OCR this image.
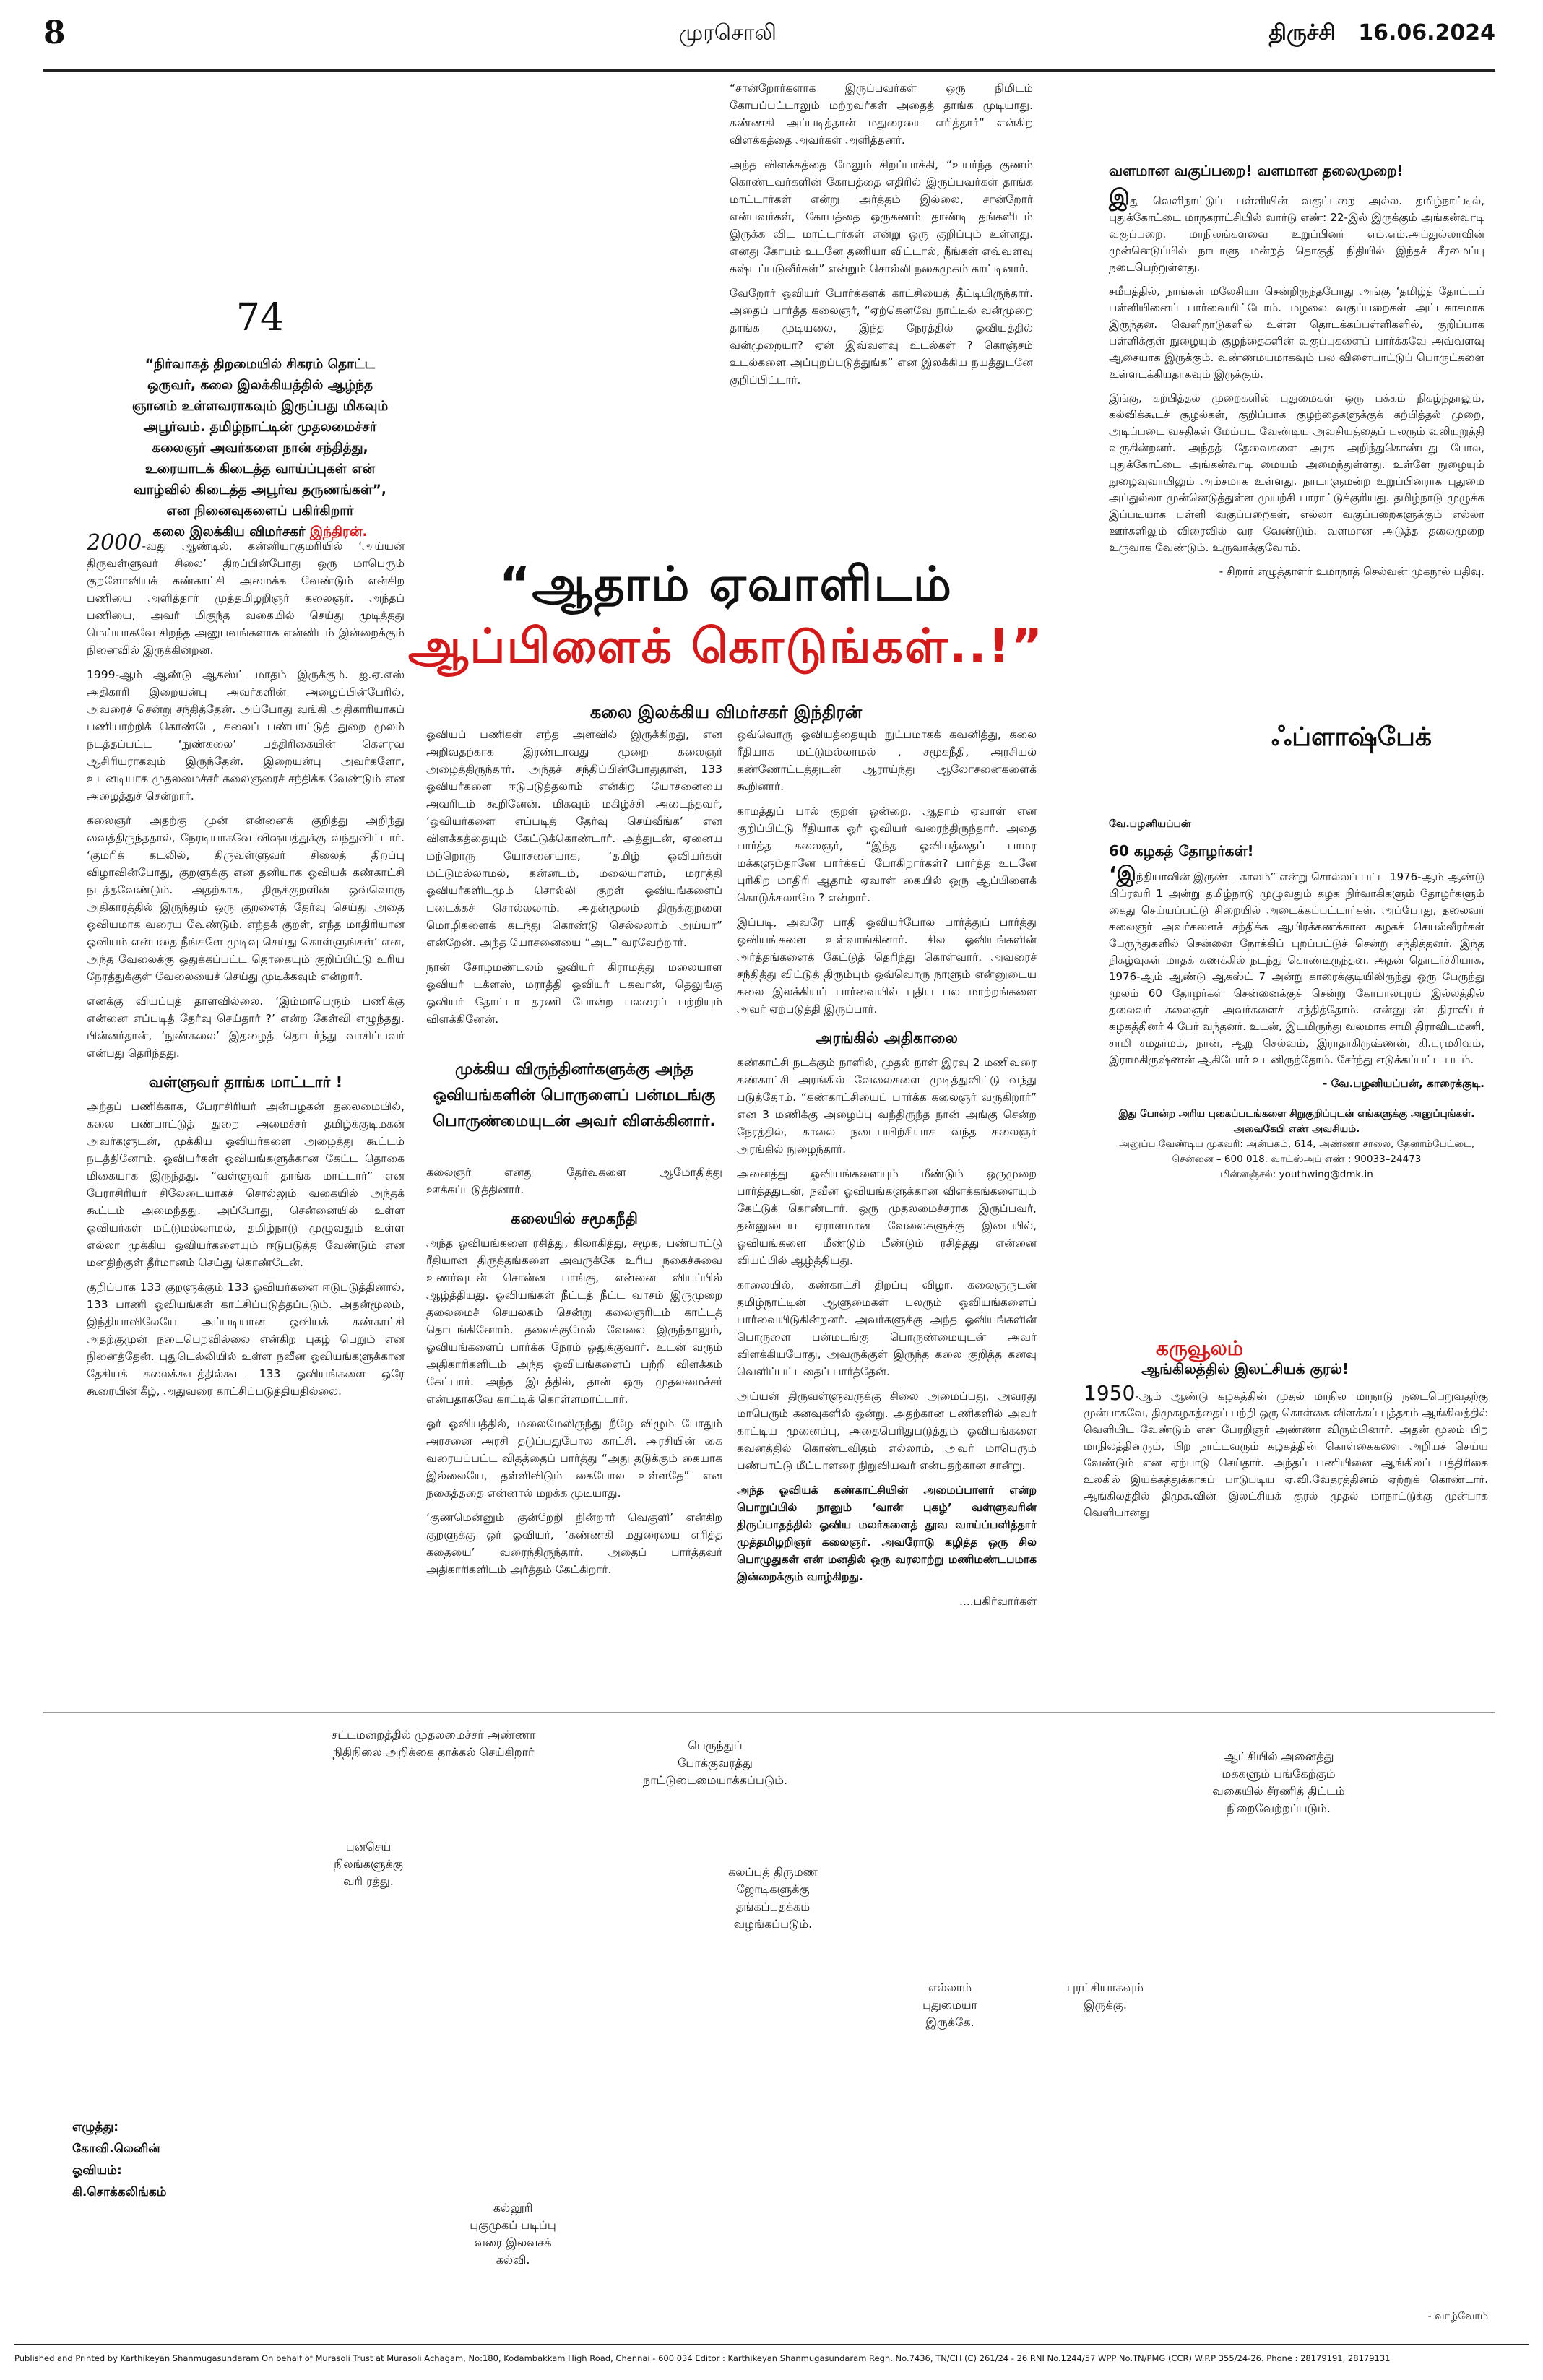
8	முரசொலி	திருச்சி 16.06.2024
74
“நிர்வாகத் திறமையில் சிகரம் தொட்ட
ஒருவர், கலை இலக்கியத்தில் ஆழ்ந்த
ஞானம் உள்ளவராகவும் இருப்பது மிகவும்
அபூர்வம். தமிழ்நாட்டின் முதலமைச்சர்
கலைஞர் அவர்களை நான் சந்தித்து,
உரையாடக் கிடைத்த வாய்ப்புகள் என்
வாழ்வில் கிடைத்த அபூர்வ தருணங்கள்”,
என நினைவுகளைப் பகிர்கிறார்
கலை இலக்கிய விமர்சகர் இந்திரன்.

2000-வது ஆண்டில், கன்னியாகுமரியில் ‘அய்யன் திருவள்ளுவர் சிலை’ திறப்பின்போது ஒரு மாபெரும் குறளோவியக் கண்காட்சி அமைக்க வேண்டும் என்கிற பணியை அளித்தார் முத்தமிழறிஞர் கலைஞர். அந்தப் பணியை, அவர் மிகுந்த வகையில் செய்து முடித்தது மெய்யாகவே சிறந்த அனுபவங்களாக என்னிடம் இன்றைக்கும் நினைவில் இருக்கின்றன.

1999-ஆம் ஆண்டு ஆகஸ்ட் மாதம் இருக்கும். ஐ.ஏ.எஸ் அதிகாரி இறையன்பு அவர்களின் அழைப்பின்பேரில், அவரைச் சென்று சந்தித்தேன். அப்போது வங்கி அதிகாரியாகப் பணியாற்றிக் கொண்டே, கலைப் பண்பாட்டுத் துறை மூலம் நடத்தப்பட்ட ‘நுண்கலை’ பத்திரிகையின் கௌரவ ஆசிரியராகவும் இருந்தேன். இறையன்பு அவர்களோ, உடனடியாக முதலமைச்சர் கலைஞரைச் சந்திக்க வேண்டும் என அழைத்துச் சென்றார்.

கலைஞர் அதற்கு முன் என்னைக் குறித்து அறிந்து வைத்திருந்ததால், நேரடியாகவே விஷயத்துக்கு வந்துவிட்டார். ‘குமரிக் கடலில், திருவள்ளுவர் சிலைத் திறப்பு விழாவின்போது, குறளுக்கு என தனியாக ஓவியக் கண்காட்சி நடத்தவேண்டும். அதற்காக, திருக்குறளின் ஒவ்வொரு அதிகாரத்தில் இருந்தும் ஒரு குறளைத் தேர்வு செய்து அதை ஓவியமாக வரைய வேண்டும். எந்தக் குறள், எந்த மாதிரியான ஓவியம் என்பதை நீங்களே முடிவு செய்து கொள்ளுங்கள்’ என, அந்த வேலைக்கு ஒதுக்கப்பட்ட தொகையும் குறிப்பிட்டு உரிய நேரத்துக்குள் வேலையைச் செய்து முடிக்கவும் என்றார்.

எனக்கு வியப்புத் தாளவில்லை. ‘இம்மாபெரும் பணிக்கு என்னை எப்படித் தேர்வு செய்தார் ?’ என்ற கேள்வி எழுந்தது. பின்னர்தான், ‘நுண்கலை’ இதழைத் தொடர்ந்து வாசிப்பவர் என்பது தெரிந்தது.

வள்ளுவர் தாங்க மாட்டார் !

அந்தப் பணிக்காக, பேராசிரியர் அன்பழகன் தலைமையில், கலை பண்பாட்டுத் துறை அமைச்சர் தமிழ்க்குடிமகன் அவர்களுடன், முக்கிய ஓவியர்களை அழைத்து கூட்டம் நடத்தினோம். ஓவியர்கள் ஓவியங்களுக்கான கேட்ட தொகை மிகையாக இருந்தது. “வள்ளுவர் தாங்க மாட்டார்” என பேராசிரியர் சிலேடையாகச் சொல்லும் வகையில் அந்தக் கூட்டம் அமைந்தது. அப்போது, சென்னையில் உள்ள ஓவியர்கள் மட்டுமல்லாமல், தமிழ்நாடு முழுவதும் உள்ள எல்லா முக்கிய ஓவியர்களையும் ஈடுபடுத்த வேண்டும் என மனதிற்குள் தீர்மானம் செய்து கொண்டேன்.

குறிப்பாக 133 குறளுக்கும் 133 ஓவியர்களை ஈடுபடுத்தினால், 133 பாணி ஓவியங்கள் காட்சிப்படுத்தப்படும். அதன்மூலம், இந்தியாவிலேயே அப்படியான ஓவியக் கண்காட்சி அதற்குமுன் நடைபெறவில்லை என்கிற புகழ் பெறும் என நினைத்தேன். புதுடெல்லியில் உள்ள நவீன ஓவியங்களுக்கான தேசியக் கலைக்கூடத்தில்கூட 133 ஓவியங்களை ஒரே கூரையின் கீழ், அதுவரை காட்சிப்படுத்தியதில்லை.

“சான்றோர்களாக இருப்பவர்கள் ஒரு நிமிடம் கோபப்பட்டாலும் மற்றவர்கள் அதைத் தாங்க முடியாது. கண்ணகி அப்படித்தான் மதுரையை எரித்தார்” என்கிற விளக்கத்தை அவர்கள் அளித்தனர்.

அந்த விளக்கத்தை மேலும் சிறப்பாக்கி, “உயர்ந்த குணம் கொண்டவர்களின் கோபத்தை எதிரில் இருப்பவர்கள் தாங்க மாட்டார்கள் என்று அர்த்தம் இல்லை, சான்றோர் என்பவர்கள், கோபத்தை ஒருகணம் தாண்டி தங்களிடம் இருக்க விட மாட்டார்கள் என்று ஒரு குறிப்பும் உள்ளது. எனது கோபம் உடனே தணியா விட்டால், நீங்கள் எவ்வளவு கஷ்டப்படுவீர்கள்” என்றும் சொல்லி நகைமுகம் காட்டினார்.

வேறோர் ஓவியர் போர்க்களக் காட்சியைத் தீட்டியிருந்தார். அதைப் பார்த்த கலைஞர், “ஏற்கெனவே நாட்டில் வன்முறை தாங்க முடியலை, இந்த நேரத்தில் ஓவியத்தில் வன்முறையா? ஏன் இவ்வளவு உடல்கள் ? கொஞ்சம் உடல்களை அப்புறப்படுத்துங்க” என இலக்கிய நயத்துடனே குறிப்பிட்டார்.

“ஆதாம் ஏவாளிடம்
ஆப்பிளைக் கொடுங்கள்..!”
கலை இலக்கிய விமர்சகர் இந்திரன்

ஓவியப் பணிகள் எந்த அளவில் இருக்கிறது, என அறிவதற்காக இரண்டாவது முறை கலைஞர் அழைத்திருந்தார். அந்தச் சந்திப்பின்போதுதான், 133 ஓவியர்களை ஈடுபடுத்தலாம் என்கிற யோசனையை அவரிடம் கூறினேன். மிகவும் மகிழ்ச்சி அடைந்தவர், ‘ஓவியர்களை எப்படித் தேர்வு செய்வீங்க’ என விளக்கத்தையும் கேட்டுக்கொண்டார். அத்துடன், ஏனைய மற்றொரு யோசனையாக, ‘தமிழ் ஓவியர்கள் மட்டுமல்லாமல், கன்னடம், மலையாளம், மராத்தி ஓவியர்களிடமும் சொல்லி குறள் ஓவியங்களைப் படைக்கச் சொல்லலாம். அதன்மூலம் திருக்குறளை மொழிகளைக் கடந்து கொண்டு செல்லலாம் அய்யா” என்றேன். அந்த யோசனையை “அட” வரவேற்றார்.

நான் சோழமண்டலம் ஓவியர் கிராமத்து மலையாள ஓவியர் டக்ளஸ், மராத்தி ஓவியர் பகவான், தெலுங்கு ஓவியர் தோட்டா தரணி போன்ற பலரைப் பற்றியும் விளக்கினேன்.

முக்கிய விருந்தினர்களுக்கு அந்த ஓவியங்களின் பொருளைப் பன்மடங்கு பொருண்மையுடன் அவர் விளக்கினார்.

கலைஞர் எனது தேர்வுகளை ஆமோதித்து ஊக்கப்படுத்தினார்.

கலையில் சமூகநீதி

அந்த ஓவியங்களை ரசித்து, கிலாகித்து, சமூக, பண்பாட்டு ரீதியான திருத்தங்களை அவருக்கே உரிய நகைச்சுவை உணர்வுடன் சொன்ன பாங்கு, என்னை வியப்பில் ஆழ்த்தியது. ஓவியங்கள் நீட்டத் நீட்ட வாசம் இருமுறை தலைமைச் செயலகம் சென்று கலைஞரிடம் காட்டத் தொடங்கினோம். தலைக்குமேல் வேலை இருந்தாலும், ஓவியங்களைப் பார்க்க நேரம் ஒதுக்குவார். உடன் வரும் அதிகாரிகளிடம் அந்த ஓவியங்களைப் பற்றி விளக்கம் கேட்பார். அந்த இடத்தில், தான் ஒரு முதலமைச்சர் என்பதாகவே காட்டிக் கொள்ளமாட்டார்.

ஓர் ஓவியத்தில், மலைமேலிருந்து நீழே விழும் போதும் அரசனை அரசி தடுப்பதுபோல காட்சி. அரசியின் கை வரையப்பட்ட விதத்தைப் பார்த்து “அது தடுக்கும் கையாக இல்லையே, தள்ளிவிடும் கைபோல உள்ளதே” என நகைத்ததை என்னால் மறக்க முடியாது.

‘குணமென்னும் குன்றேறி நின்றார் வெகுளி’ என்கிற குறளுக்கு ஓர் ஓவியர், ‘கண்ணகி மதுரையை எரித்த கதையை’ வரைந்திருந்தார். அதைப் பார்த்தவர் அதிகாரிகளிடம் அர்த்தம் கேட்கிறார்.

ஒவ்வொரு ஓவியத்தையும் நுட்பமாகக் கவனித்து, கலை ரீதியாக மட்டுமல்லாமல் , சமூகநீதி, அரசியல் கண்ணோட்டத்துடன் ஆராய்ந்து ஆலோசனைகளைக் கூறினார்.

காமத்துப் பால் குறள் ஒன்றை, ஆதாம் ஏவாள் என குறிப்பிட்டு ரீதியாக ஓர் ஓவியர் வரைந்திருந்தார். அதை பார்த்த கலைஞர், “இந்த ஓவியத்தைப் பாமர மக்களும்தானே பார்க்கப் போகிறார்கள்? பார்த்த உடனே புரிகிற மாதிரி ஆதாம் ஏவாள் கையில் ஒரு ஆப்பிளைக் கொடுக்கலாமே ? என்றார்.

இப்படி, அவரே பாதி ஓவியர்போல பார்த்துப் பார்த்து ஓவியங்களை உள்வாங்கினார். சில ஓவியங்களின் அர்த்தங்களைக் கேட்டுத் தெரிந்து கொள்வார். அவரைச் சந்தித்து விட்டுத் திரும்பும் ஒவ்வொரு நாளும் என்னுடைய கலை இலக்கியப் பார்வையில் புதிய பல மாற்றங்களை அவர் ஏற்படுத்தி இருப்பார்.

அரங்கில் அதிகாலை

கண்காட்சி நடக்கும் நாளில், முதல் நாள் இரவு 2 மணிவரை கண்காட்சி அரங்கில் வேலைகளை முடித்துவிட்டு வந்து படுத்தோம். “கண்காட்சியைப் பார்க்க கலைஞர் வருகிறார்” என 3 மணிக்கு அழைப்பு வந்திருந்த நான் அங்கு சென்ற நேரத்தில், காலை நடைபயிற்சியாக வந்த கலைஞர் அரங்கில் நுழைந்தார்.

அனைத்து ஓவியங்களையும் மீண்டும் ஒருமுறை பார்த்ததுடன், நவீன ஓவியங்களுக்கான விளக்கங்களையும் கேட்டுக் கொண்டார். ஒரு முதலமைச்சராக இருப்பவர், தன்னுடைய ஏராளமான வேலைகளுக்கு இடையில், ஓவியங்களை மீண்டும் மீண்டும் ரசித்தது என்னை வியப்பில் ஆழ்த்தியது.

காலையில், கண்காட்சி திறப்பு விழா. கலைஞருடன் தமிழ்நாட்டின் ஆளுமைகள் பலரும் ஓவியங்களைப் பார்வையிடுகின்றனர். அவர்களுக்கு அந்த ஓவியங்களின் பொருளை பன்மடங்கு பொருண்மையுடன் அவர் விளக்கியபோது, அவருக்குள் இருந்த கலை குறித்த கனவு வெளிப்பட்டதைப் பார்த்தேன்.

அய்யன் திருவள்ளுவருக்கு சிலை அமைப்பது, அவரது மாபெரும் கனவுகளில் ஒன்று. அதற்கான பணிகளில் அவர் காட்டிய முனைப்பு, அதைபெரிதுபடுத்தும் ஓவியங்களை கவனத்தில் கொண்டவிதம் எல்லாம், அவர் மாபெரும் பண்பாட்டு மீட்பாளரை நிறுவியவர் என்பதற்கான சான்று.

அந்த ஓவியக் கண்காட்சியின் அமைப்பாளர் என்ற பொறுப்பில் நானும் ‘வான் புகழ்’ வள்ளுவரின் திருப்பாதத்தில் ஓவிய மலர்களைத் தூவ வாய்ப்பளித்தார் முத்தமிழறிஞர் கலைஞர். அவரோடு கழித்த ஒரு சில பொழுதுகள் என் மனதில் ஒரு வரலாற்று மணிமண்டபமாக இன்றைக்கும் வாழ்கிறது.

....பகிர்வார்கள்

வளமான வகுப்பறை! வளமான தலைமுறை!

இது வெளிநாட்டுப் பள்ளியின் வகுப்பறை அல்ல. தமிழ்நாட்டில், புதுக்கோட்டை மாநகராட்சியில் வார்டு எண்: 22-இல் இருக்கும் அங்கன்வாடி வகுப்பறை. மாநிலங்களவை உறுப்பினர் எம்.எம்.அப்துல்லாவின் முன்னெடுப்பில் நாடாளு மன்றத் தொகுதி நிதியில் இந்தச் சீரமைப்பு நடைபெற்றுள்ளது.

சமீபத்தில், நாங்கள் மலேசியா சென்றிருந்தபோது அங்கு ‘தமிழ்த் தோட்டப் பள்ளியினைப் பார்வையிட்டோம். மழலை வகுப்பறைகள் அட்டகாசமாக இருந்தன. வெளிநாடுகளில் உள்ள தொடக்கப்பள்ளிகளில், குறிப்பாக பள்ளிக்குள் நுழையும் குழந்தைகளின் வகுப்புகளைப் பார்க்கவே அவ்வளவு ஆசையாக இருக்கும். வண்ணமயமாகவும் பல விளையாட்டுப் பொருட்களை உள்ளடக்கியதாகவும் இருக்கும்.

இங்கு, கற்பித்தல் முறைகளில் புதுமைகள் ஒரு பக்கம் நிகழ்ந்தாலும், கல்விக்கூடச் சூழல்கள், குறிப்பாக குழந்தைகளுக்குக் கற்பித்தல் முறை, அடிப்படை வசதிகள் மேம்பட வேண்டிய அவசியத்தைப் பலரும் வலியுறுத்தி வருகின்றனர். அந்தத் தேவைகளை அரசு அறிந்துகொண்டது போல, புதுக்கோட்டை அங்கன்வாடி மையம் அமைந்துள்ளது. உள்ளே நுழையும் நுழைவுவாயிலும் அம்சமாக உள்ளது. நாடாளுமன்ற உறுப்பினராக புதுமை அப்துல்லா முன்னெடுத்துள்ள முயற்சி பாராட்டுக்குரியது. தமிழ்நாடு முழுக்க இப்படியாக பள்ளி வகுப்பறைகள், எல்லா வகுப்பறைகளுக்கும் எல்லா ஊர்களிலும் விரைவில் வர வேண்டும். வளமான அடுத்த தலைமுறை உருவாக வேண்டும். உருவாக்குவோம்.

- சிறார் எழுத்தாளர் உமாநாத் செல்வன் முகநூல் பதிவு.

ஃப்ளாஷ்பேக்
வே.பழனியப்பன்
60 கழகத் தோழர்கள்!

‘இந்தியாவின் இருண்ட காலம்” என்று சொல்லப் பட்ட 1976-ஆம் ஆண்டு பிப்ரவரி 1 அன்று தமிழ்நாடு முழுவதும் கழக நிர்வாகிகளும் தோழர்களும் கைது செய்யப்பட்டு சிறையில் அடைக்கப்பட்டார்கள். அப்போது, தலைவர் கலைஞர் அவர்களைச் சந்திக்க ஆயிரக்கணக்கான கழகச் செயல்வீரர்கள் பேருந்துகளில் சென்னை நோக்கிப் புறப்பட்டுச் சென்று சந்தித்தனர். இந்த நிகழ்வுகள் மாதக் கணக்கில் நடந்து கொண்டிருந்தன. அதன் தொடர்ச்சியாக, 1976-ஆம் ஆண்டு ஆகஸ்ட் 7 அன்று காரைக்குடியிலிருந்து ஒரு பேருந்து மூலம் 60 தோழர்கள் சென்னைக்குச் சென்று கோபாலபுரம் இல்லத்தில் தலைவர் கலைஞர் அவர்களைச் சந்தித்தோம். என்னுடன் திராவிடர் கழகத்தினர் 4 பேர் வந்தனர். உடன், இடமிருந்து வலமாக சாமி திராவிடமணி, சாமி சமதர்மம், நான், ஆறு செல்வம், இராதாகிருஷ்ணன், கி.பரமசிவம், இராமகிருஷ்ணன் ஆகியோர் உடனிருந்தோம். சேர்ந்து எடுக்கப்பட்ட படம்.

- வே.பழனியப்பன், காரைக்குடி.

இது போன்ற அரிய புகைப்படங்களை சிறுகுறிப்புடன் எங்களுக்கு அனுப்புங்கள். அவைகேபி எண் அவசியம்.
அனுப்ப வேண்டிய முகவரி: அன்பகம், 614, அண்ணா சாலை, தேனாம்பேட்டை, சென்னை – 600 018. வாட்ஸ்அப் எண் : 90033–24473
மின்னஞ்சல்: youthwing@dmk.in
கருவூலம்
ஆங்கிலத்தில் இலட்சியக் குரல்!

1950-ஆம் ஆண்டு கழகத்தின் முதல் மாநில மாநாடு நடைபெறுவதற்கு முன்பாகவே, திமுகழகத்தைப் பற்றி ஒரு கொள்கை விளக்கப் புத்தகம் ஆங்கிலத்தில் வெளியிட வேண்டும் என பேரறிஞர் அண்ணா விரும்பினார். அதன் மூலம் பிற மாநிலத்தினரும், பிற நாட்டவரும் கழகத்தின் கொள்கைகளை அறியச் செய்ய வேண்டும் என ஏற்பாடு செய்தார். அந்தப் பணியினை ஆங்கிலப் பத்திரிகை உலகில் இயக்கத்துக்காகப் பாடுபடிய ஏ.வி.வேதரத்தினம் ஏற்றுக் கொண்டார். ஆங்கிலத்தில் திமுக.வின் இலட்சியக் குரல் முதல் மாநாட்டுக்கு முன்பாக வெளியானது

சட்டமன்றத்தில் முதலமைச்சர் அண்ணா
நிதிநிலை அறிக்கை தாக்கல் செய்கிறார்	பெருந்துப்
போக்குவரத்து
நாட்டுடைமையாக்கப்படும்.
ஆட்சியில் அனைத்து
மக்களும் பங்கேற்கும்
வகையில் சீரணித் திட்டம்
நிறைவேற்றப்படும்.
புன்செய்
நிலங்களுக்கு
வரி ரத்து.
கலப்புத் திருமண
ஜோடிகளுக்கு
தங்கப்பதக்கம்
வழங்கப்படும்.
எல்லாம்
புதுமையா
இருக்கே.
புரட்சியாகவும்
இருக்கு.
கல்லூரி
புகுமுகப் படிப்பு
வரை இலவசக்
கல்வி.
எழுத்து:
கோவி.லெனின்
ஓவியம்:
கி.சொக்கலிங்கம்
- வாழ்வோம்
Published and Printed by Karthikeyan Shanmugasundaram On behalf of Murasoli Trust at Murasoli Achagam, No:180, Kodambakkam High Road, Chennai - 600 034 Editor : Karthikeyan Shanmugasundaram Regn. No.7436, TN/CH (C) 261/24 - 26 RNI No.1244/57 WPP No.TN/PMG (CCR) W.P.P 355/24-26. Phone : 28179191, 28179131
